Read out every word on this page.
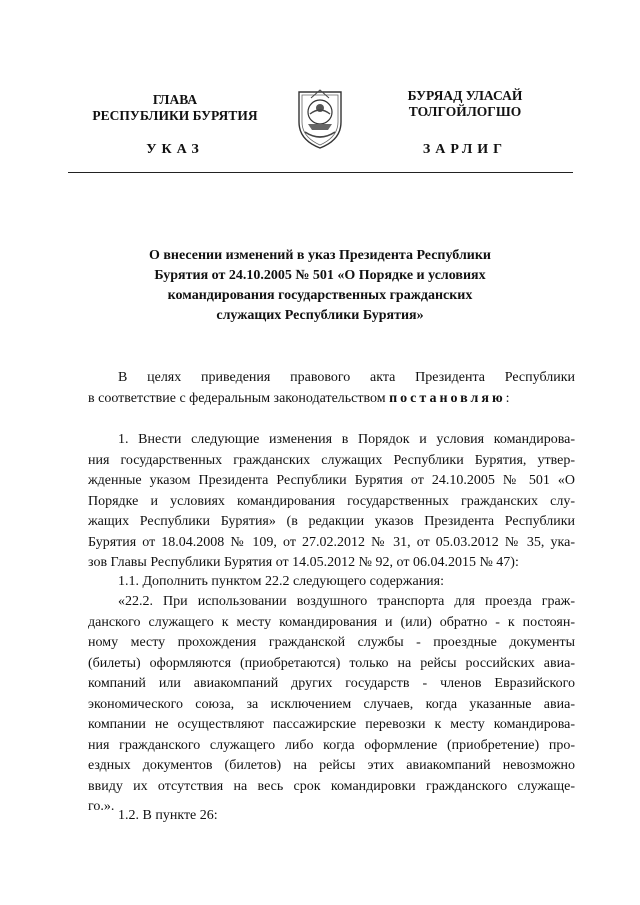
ГЛАВА
РЕСПУБЛИКИ БУРЯТИЯ
БУРЯАД УЛАСАЙ
ТОЛГОЙЛОГШО
УКАЗ	ЗАРЛИГ
О внесении изменений в указ Президента Республики
Бурятия от 24.10.2005 № 501 «О Порядке и условиях
командирования государственных гражданских
служащих Республики Бурятия»
В целях приведения правового акта Президента Республики
в соответствие с федеральным законодательством постановляю:
1. Внести следующие изменения в Порядок и условия командирова-
ния государственных гражданских служащих Республики Бурятия, утвер-
жденные указом Президента Республики Бурятия от 24.10.2005 № 501 «О
Порядке и условиях командирования государственных гражданских слу-
жащих Республики Бурятия» (в редакции указов Президента Республики
Бурятия от 18.04.2008 № 109, от 27.02.2012 № 31, от 05.03.2012 № 35, ука-
зов Главы Республики Бурятия от 14.05.2012 № 92, от 06.04.2015 № 47):
1.1. Дополнить пунктом 22.2 следующего содержания:
«22.2. При использовании воздушного транспорта для проезда граж-
данского служащего к месту командирования и (или) обратно - к постоян-
ному месту прохождения гражданской службы - проездные документы
(билеты) оформляются (приобретаются) только на рейсы российских авиа-
компаний или авиакомпаний других государств - членов Евразийского
экономического союза, за исключением случаев, когда указанные авиа-
компании не осуществляют пассажирские перевозки к месту командирова-
ния гражданского служащего либо когда оформление (приобретение) про-
ездных документов (билетов) на рейсы этих авиакомпаний невозможно
ввиду их отсутствия на весь срок командировки гражданского служаще-
го.».
1.2. В пункте 26:
